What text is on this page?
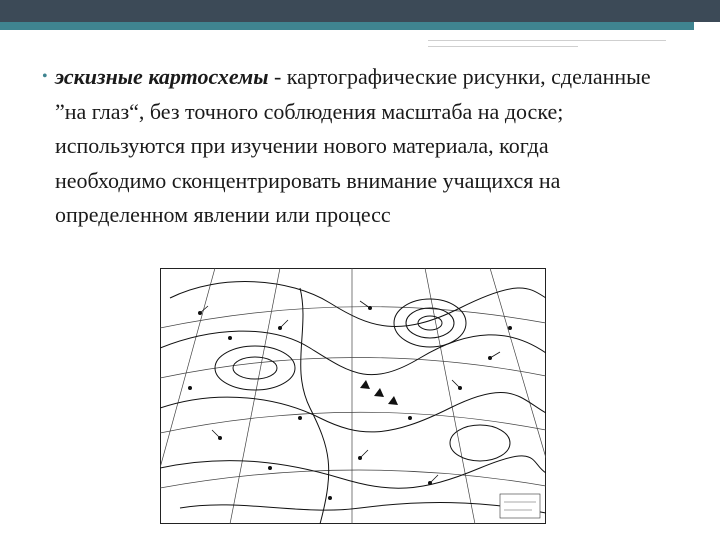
• эскизные картосхемы - картографические рисунки, сделанные ”на глаз“, без точного соблюдения масштаба на доске; используются при изучении нового материала, когда необходимо сконцентрировать внимание учащихся на определенном явлении или процесс
